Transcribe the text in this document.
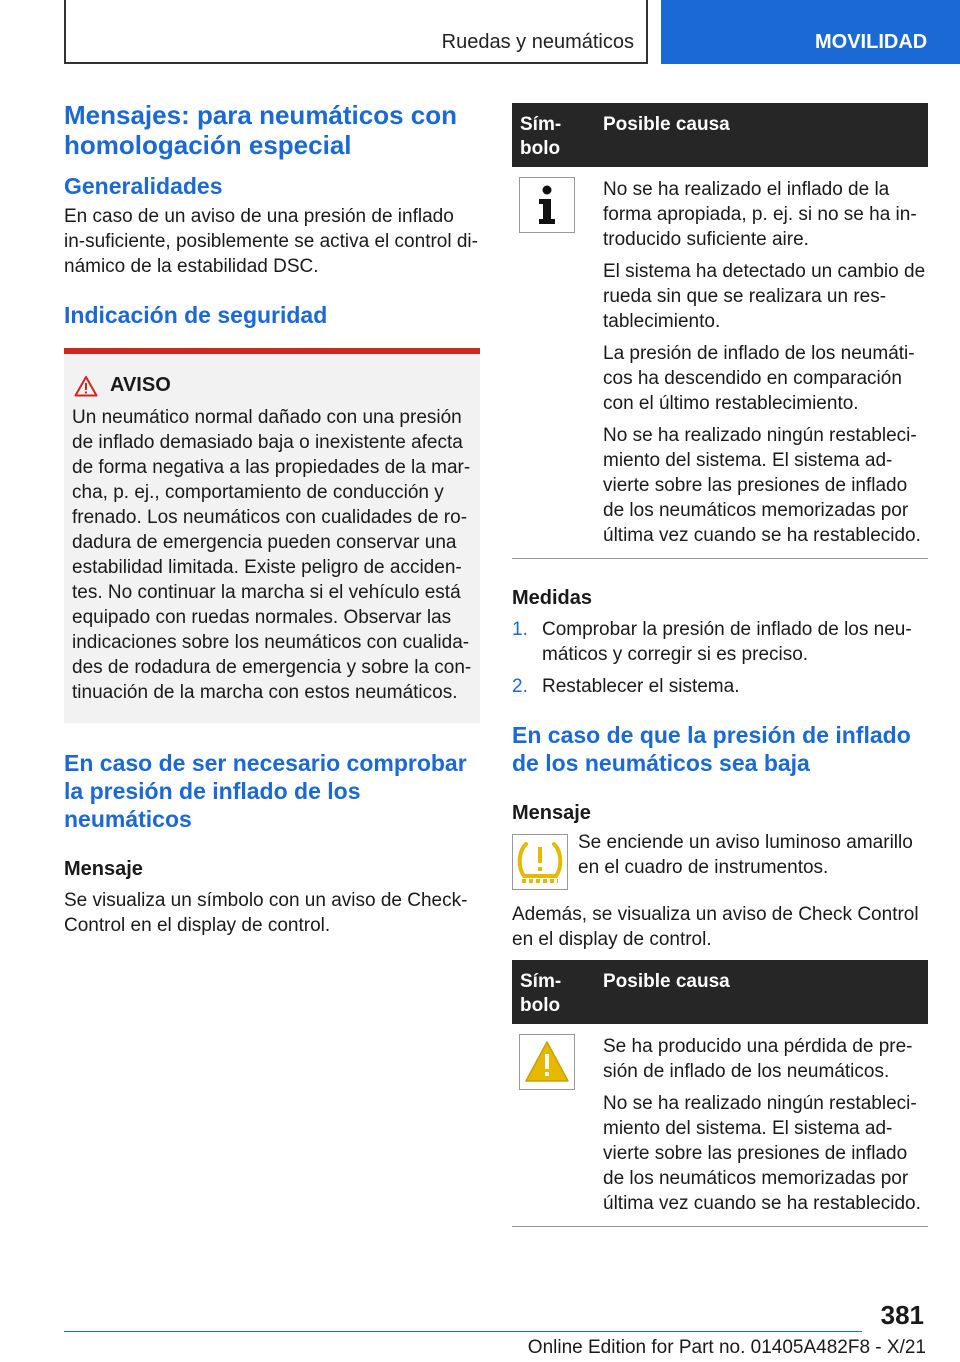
Ruedas y neumáticos	MOVILIDAD
Mensajes: para neumáticos con homologación especial
Generalidades

En caso de un aviso de una presión de inflado in-suficiente, posiblemente se activa el control di-námico de la estabilidad DSC.

Indicación de seguridad
AVISO

Un neumático normal dañado con una presión de inflado demasiado baja o inexistente afecta de forma negativa a las propiedades de la mar-cha, p. ej., comportamiento de conducción y frenado. Los neumáticos con cualidades de ro-dadura de emergencia pueden conservar una estabilidad limitada. Existe peligro de acciden-tes. No continuar la marcha si el vehículo está equipado con ruedas normales. Observar las indicaciones sobre los neumáticos con cualida-des de rodadura de emergencia y sobre la con-tinuación de la marcha con estos neumáticos.

En caso de ser necesario comprobar la presión de inflado de los neumáticos
Mensaje

Se visualiza un símbolo con un aviso de Check-Control en el display de control.

Sím-bolo
Posible causa

No se ha realizado el inflado de la forma apropiada, p. ej. si no se ha in-troducido suficiente aire.

El sistema ha detectado un cambio de rueda sin que se realizara un res-tablecimiento.

La presión de inflado de los neumáti-cos ha descendido en comparación con el último restablecimiento.

No se ha realizado ningún restableci-miento del sistema. El sistema ad-vierte sobre las presiones de inflado de los neumáticos memorizadas por última vez cuando se ha restablecido.

Medidas
1. Comprobar la presión de inflado de los neu-máticos y corregir si es preciso.
2. Restablecer el sistema.
En caso de que la presión de inflado de los neumáticos sea baja
Mensaje

Se enciende un aviso luminoso amarillo en el cuadro de instrumentos.

Además, se visualiza un aviso de Check Control en el display de control.

Sím-bolo
Posible causa

Se ha producido una pérdida de pre-sión de inflado de los neumáticos.

No se ha realizado ningún restableci-miento del sistema. El sistema ad-vierte sobre las presiones de inflado de los neumáticos memorizadas por última vez cuando se ha restablecido.

381
Online Edition for Part no. 01405A482F8 - X/21
